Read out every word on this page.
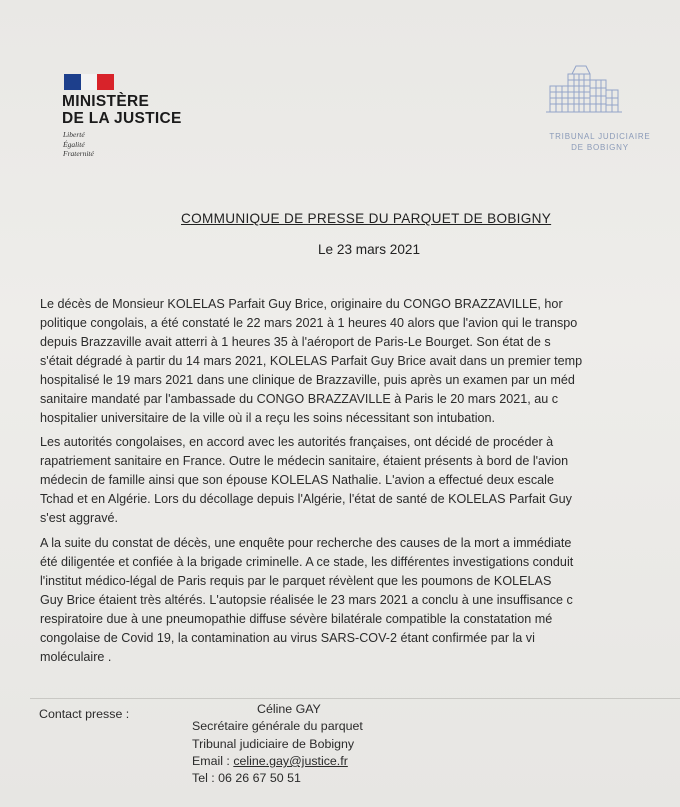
MINISTÈRE
DE LA JUSTICE
Liberté
Égalité
Fraternité
TRIBUNAL JUDICIAIRE
DE BOBIGNY
COMMUNIQUE DE PRESSE DU PARQUET DE BOBIGNY
Le 23 mars 2021
Le décès de Monsieur KOLELAS Parfait Guy Brice, originaire du CONGO BRAZZAVILLE, hor
politique congolais, a été constaté le 22 mars 2021 à 1 heures 40 alors que l'avion qui le transpo
depuis Brazzaville avait atterri à 1 heures 35 à l'aéroport de Paris-Le Bourget. Son état de s
s'était dégradé à partir du 14 mars 2021, KOLELAS Parfait Guy Brice avait dans un premier temp
hospitalisé le 19 mars 2021 dans une clinique de Brazzaville, puis après un examen par un méd
sanitaire mandaté par l'ambassade du CONGO BRAZZAVILLE à Paris le 20 mars 2021, au c
hospitalier universitaire de la ville où il a reçu les soins nécessitant son intubation.
Les autorités congolaises, en accord avec les autorités françaises, ont décidé de procéder à
rapatriement sanitaire en France. Outre le médecin sanitaire, étaient présents à bord de l'avion
médecin de famille ainsi que son épouse KOLELAS Nathalie. L'avion a effectué deux escale
Tchad et en Algérie. Lors du décollage depuis l'Algérie, l'état de santé de KOLELAS Parfait Guy
s'est aggravé.
A la suite du constat de décès, une enquête pour recherche des causes de la mort a immédiate
été diligentée et confiée à la brigade criminelle. A ce stade, les différentes investigations conduit
l'institut médico-légal de Paris requis par le parquet révèlent que les poumons de KOLELAS
Guy Brice étaient très altérés. L'autopsie réalisée le 23 mars 2021 a conclu à une insuffisance c
respiratoire due à une pneumopathie diffuse sévère bilatérale compatible la constatation mé
congolaise de Covid 19, la contamination au virus SARS-COV-2 étant confirmée par la vi
moléculaire .
Contact presse :	Céline GAY
Secrétaire générale du parquet
Tribunal judiciaire de Bobigny
Email : celine.gay@justice.fr
Tel : 06 26 67 50 51
